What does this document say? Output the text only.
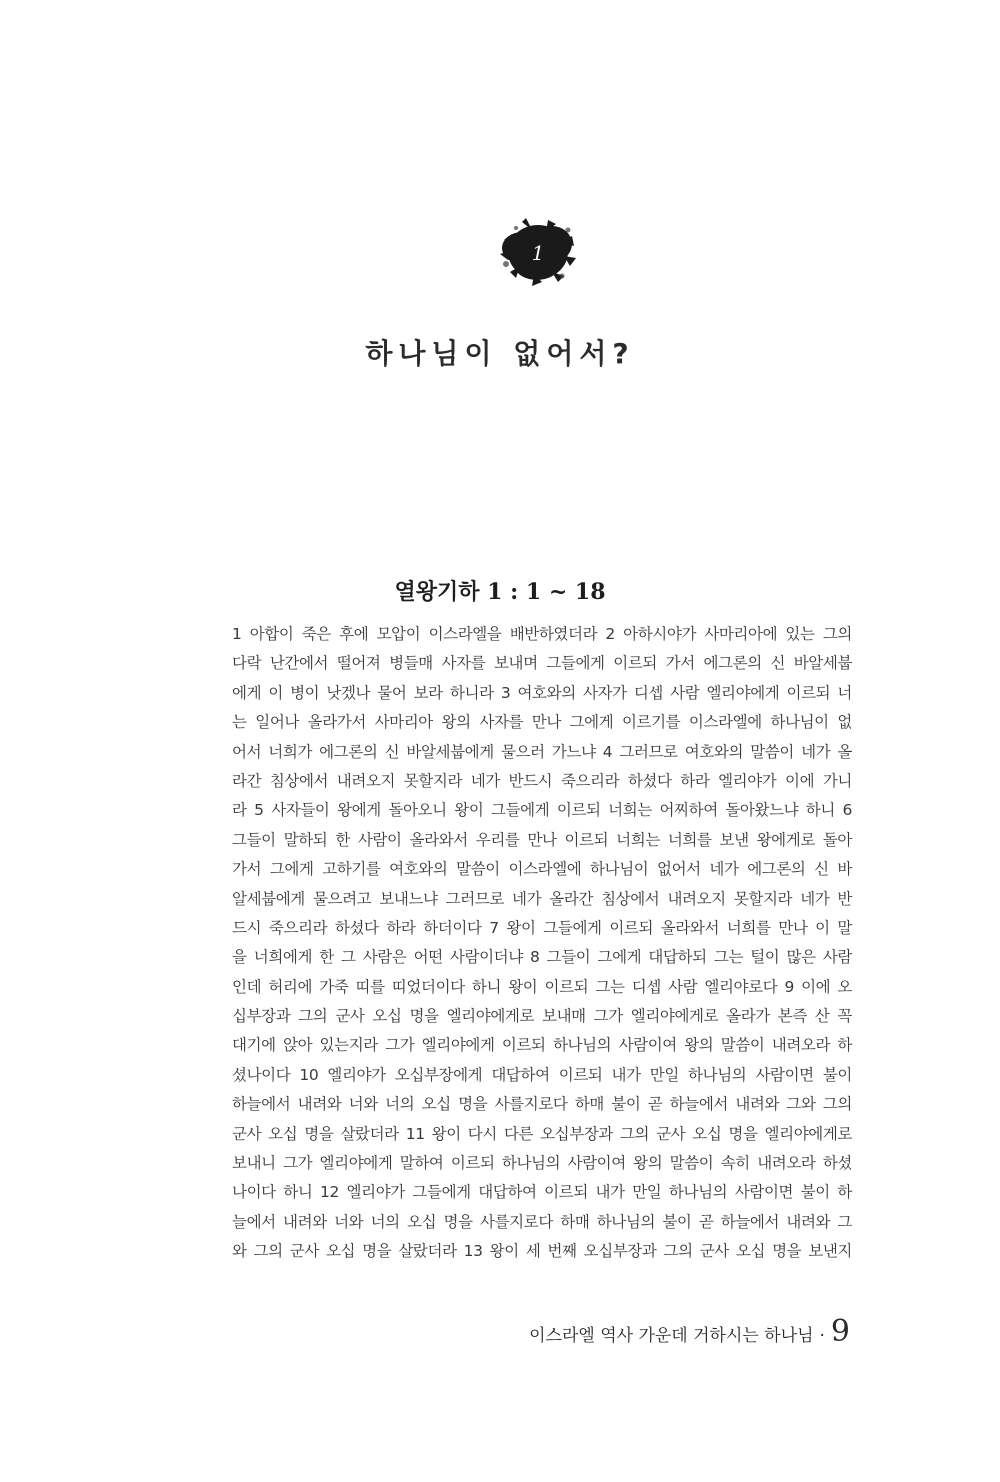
1
하나님이 없어서?
열왕기하 1 : 1 ~ 18
1 아합이 죽은 후에 모압이 이스라엘을 배반하였더라 2 아하시야가 사마리아에 있는 그의
다락 난간에서 떨어져 병들매 사자를 보내며 그들에게 이르되 가서 에그론의 신 바알세붑
에게 이 병이 낫겠나 물어 보라 하니라 3 여호와의 사자가 디셉 사람 엘리야에게 이르되 너
는 일어나 올라가서 사마리아 왕의 사자를 만나 그에게 이르기를 이스라엘에 하나님이 없
어서 너희가 에그론의 신 바알세붑에게 물으러 가느냐 4 그러므로 여호와의 말씀이 네가 올
라간 침상에서 내려오지 못할지라 네가 반드시 죽으리라 하셨다 하라 엘리야가 이에 가니
라 5 사자들이 왕에게 돌아오니 왕이 그들에게 이르되 너희는 어찌하여 돌아왔느냐 하니 6
그들이 말하되 한 사람이 올라와서 우리를 만나 이르되 너희는 너희를 보낸 왕에게로 돌아
가서 그에게 고하기를 여호와의 말씀이 이스라엘에 하나님이 없어서 네가 에그론의 신 바
알세붑에게 물으려고 보내느냐 그러므로 네가 올라간 침상에서 내려오지 못할지라 네가 반
드시 죽으리라 하셨다 하라 하더이다 7 왕이 그들에게 이르되 올라와서 너희를 만나 이 말
을 너희에게 한 그 사람은 어떤 사람이더냐 8 그들이 그에게 대답하되 그는 털이 많은 사람
인데 허리에 가죽 띠를 띠었더이다 하니 왕이 이르되 그는 디셉 사람 엘리야로다 9 이에 오
십부장과 그의 군사 오십 명을 엘리야에게로 보내매 그가 엘리야에게로 올라가 본즉 산 꼭
대기에 앉아 있는지라 그가 엘리야에게 이르되 하나님의 사람이여 왕의 말씀이 내려오라 하
셨나이다 10 엘리야가 오십부장에게 대답하여 이르되 내가 만일 하나님의 사람이면 불이
하늘에서 내려와 너와 너의 오십 명을 사를지로다 하매 불이 곧 하늘에서 내려와 그와 그의
군사 오십 명을 살랐더라 11 왕이 다시 다른 오십부장과 그의 군사 오십 명을 엘리야에게로
보내니 그가 엘리야에게 말하여 이르되 하나님의 사람이여 왕의 말씀이 속히 내려오라 하셨
나이다 하니 12 엘리야가 그들에게 대답하여 이르되 내가 만일 하나님의 사람이면 불이 하
늘에서 내려와 너와 너의 오십 명을 사를지로다 하매 하나님의 불이 곧 하늘에서 내려와 그
와 그의 군사 오십 명을 살랐더라 13 왕이 세 번째 오십부장과 그의 군사 오십 명을 보낸지
이스라엘 역사 가운데 거하시는 하나님 · 9
